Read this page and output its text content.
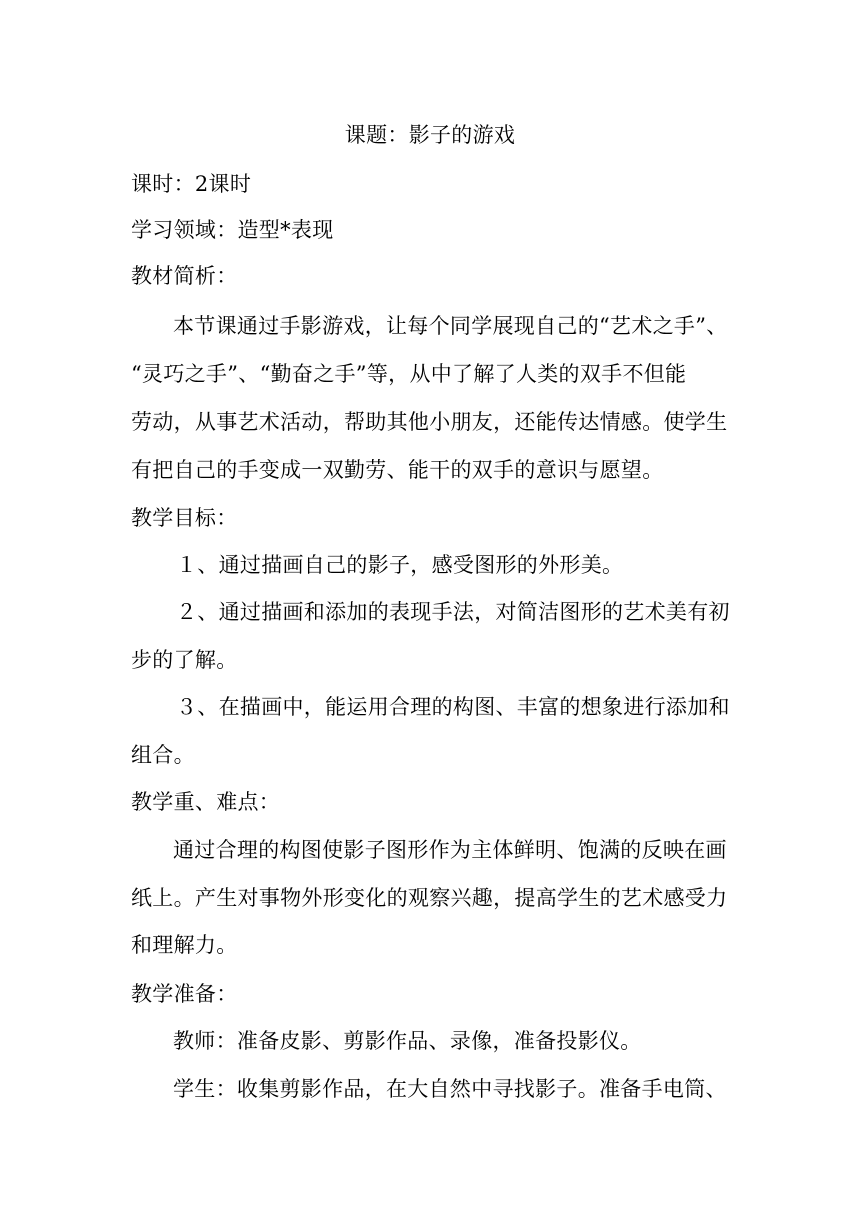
课题：影子的游戏
课时：2课时
学习领域：造型*表现
教材简析：
本节课通过手影游戏，让每个同学展现自己的“艺术之手”、
“灵巧之手”、“勤奋之手”等，从中了解了人类的双手不但能
劳动，从事艺术活动，帮助其他小朋友，还能传达情感。使学生
有把自己的手变成一双勤劳、能干的双手的意识与愿望。
教学目标：
１、通过描画自己的影子，感受图形的外形美。
２、通过描画和添加的表现手法，对简洁图形的艺术美有初
步的了解。
３、在描画中，能运用合理的构图、丰富的想象进行添加和
组合。
教学重、难点：
通过合理的构图使影子图形作为主体鲜明、饱满的反映在画
纸上。产生对事物外形变化的观察兴趣，提高学生的艺术感受力
和理解力。
教学准备：
教师：准备皮影、剪影作品、录像，准备投影仪。
学生：收集剪影作品，在大自然中寻找影子。准备手电筒、
